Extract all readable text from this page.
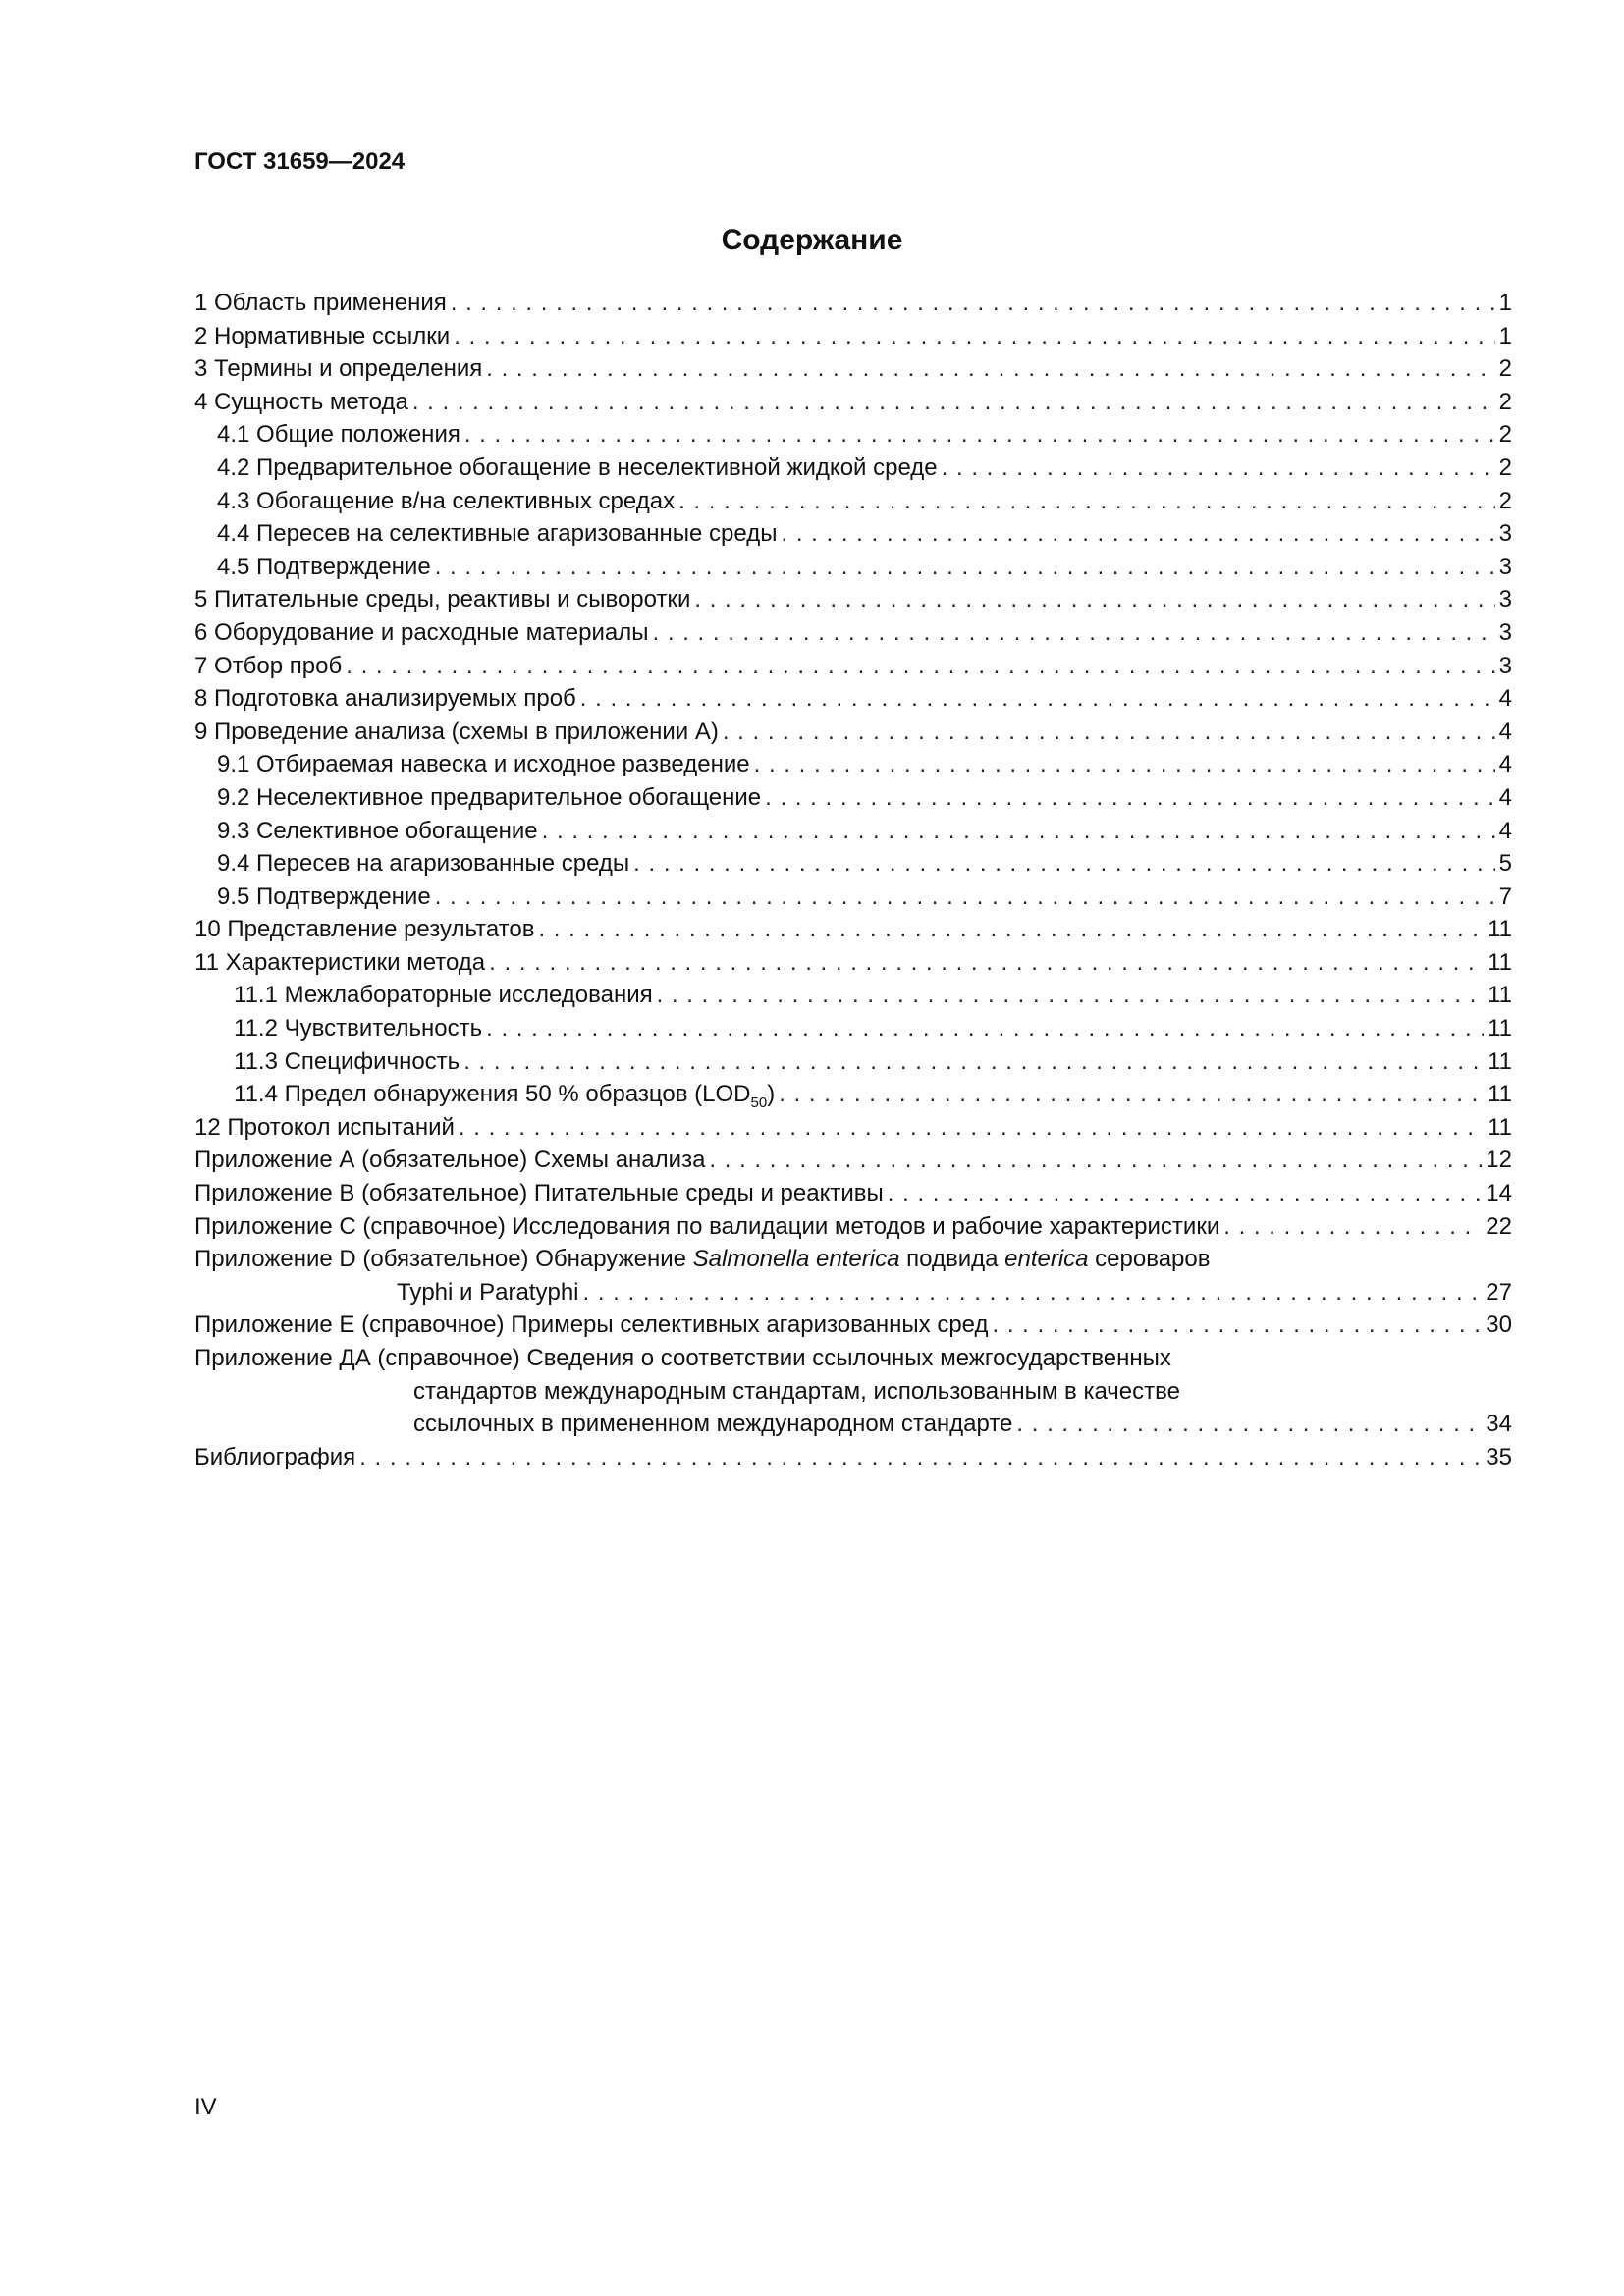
ГОСТ 31659—2024
Содержание
1 Область применения . . .	1
2 Нормативные ссылки . . .	1
3 Термины и определения . . .	2
4 Сущность метода . . .	2
4.1 Общие положения . . .	2
4.2 Предварительное обогащение в неселективной жидкой среде . . .	2
4.3 Обогащение в/на селективных средах . . .	2
4.4 Пересев на селективные агаризованные среды . . .	3
4.5 Подтверждение . . .	3
5 Питательные среды, реактивы и сыворотки . . .	3
6 Оборудование и расходные материалы . . .	3
7 Отбор проб . . .	3
8 Подготовка анализируемых проб . . .	4
9 Проведение анализа (схемы в приложении А) . . .	4
9.1 Отбираемая навеска и исходное разведение . . .	4
9.2 Неселективное предварительное обогащение . . .	4
9.3 Селективное обогащение . . .	4
9.4 Пересев на агаризованные среды . . .	5
9.5 Подтверждение . . .	7
10 Представление результатов . . .	11
11 Характеристики метода . . .	11
11.1 Межлабораторные исследования . . .	11
11.2 Чувствительность . . .	11
11.3 Специфичность . . .	11
11.4 Предел обнаружения 50 % образцов $(LOD_{50})$ . . .	11
12 Протокол испытаний . . .	11
Приложение А (обязательное) Схемы анализа . . .	12
Приложение В (обязательное) Питательные среды и реактивы . . .	14
Приложение С (справочное) Исследования по валидации методов и рабочие характеристики . . .	22
Приложение D (обязательное) Обнаружение Salmonella enterica подвида enterica сероваров
Typhi и Paratyphi . . .	27
Приложение Е (справочное) Примеры селективных агаризованных сред . . .	30
Приложение ДА (справочное) Сведения о соответствии ссылочных межгосударственных
стандартов международным стандартам, использованным в качестве
ссылочных в примененном международном стандарте . . .	34
Библиография . . .	35
IV
